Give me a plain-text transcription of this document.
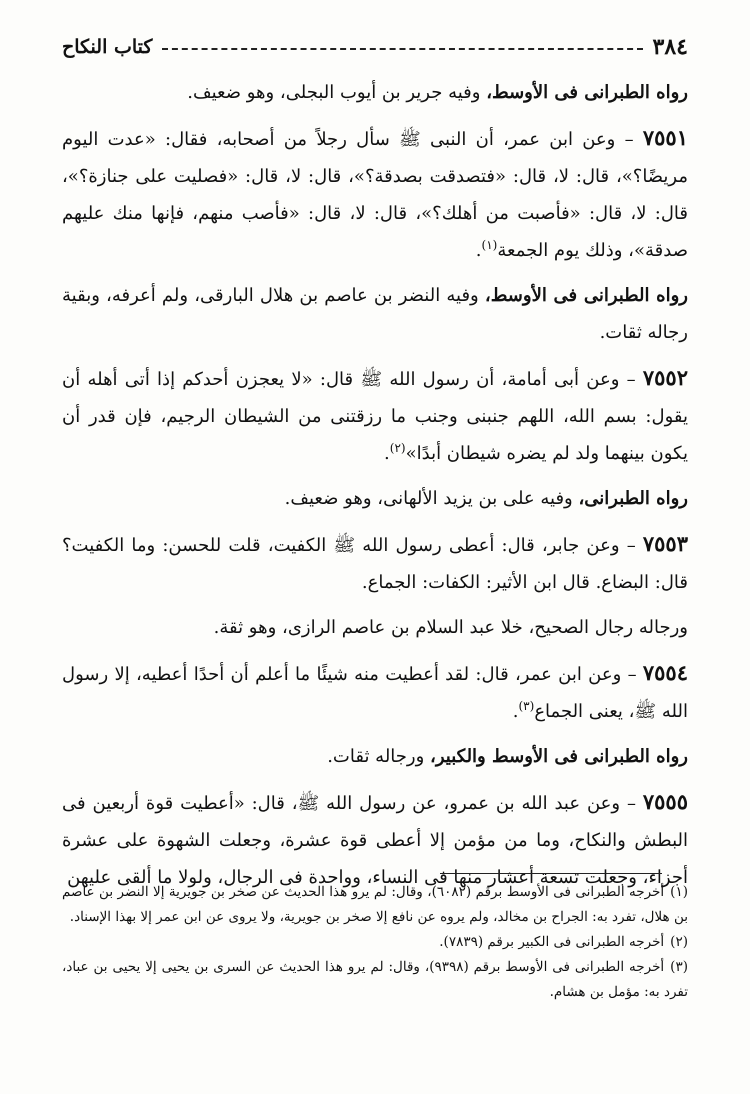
٣٨٤
كتاب النكاح

رواه الطبرانى فى الأوسط، وفيه جرير بن أيوب البجلى، وهو ضعيف.

٧٥٥١ – وعن ابن عمر، أن النبى ﷺ سأل رجلاً من أصحابه، فقال: «عدت اليوم مريضًا؟»، قال: لا، قال: «فتصدقت بصدقة؟»، قال: لا، قال: «فصليت على جنازة؟»، قال: لا، قال: «فأصبت من أهلك؟»، قال: لا، قال: «فأصب منهم، فإنها منك عليهم صدقة»، وذلك يوم الجمعة$^{(١)}$.

رواه الطبرانى فى الأوسط، وفيه النضر بن عاصم بن هلال البارقى، ولم أعرفه، وبقية رجاله ثقات.

٧٥٥٢ – وعن أبى أمامة، أن رسول الله ﷺ قال: «لا يعجزن أحدكم إذا أتى أهله أن يقول: بسم الله، اللهم جنبنى وجنب ما رزقتنى من الشيطان الرجيم، فإن قدر أن يكون بينهما ولد لم يضره شيطان أبدًا»$^{(٢)}$.

رواه الطبرانى، وفيه على بن يزيد الألهانى، وهو ضعيف.

٧٥٥٣ – وعن جابر، قال: أعطى رسول الله ﷺ الكفيت، قلت للحسن: وما الكفيت؟ قال: البضاع. قال ابن الأثير: الكفات: الجماع.

ورجاله رجال الصحيح، خلا عبد السلام بن عاصم الرازى، وهو ثقة.

٧٥٥٤ – وعن ابن عمر، قال: لقد أعطيت منه شيئًا ما أعلم أن أحدًا أعطيه، إلا رسول الله ﷺ، يعنى الجماع$^{(٣)}$.

رواه الطبرانى فى الأوسط والكبير، ورجاله ثقات.

٧٥٥٥ – وعن عبد الله بن عمرو، عن رسول الله ﷺ، قال: «أعطيت قوة أربعين فى البطش والنكاح، وما من مؤمن إلا أعطى قوة عشرة، وجعلت الشهوة على عشرة أجزاء، وجعلت تسعة أعشار منها فى النساء، وواحدة فى الرجال، ولولا ما ألقى عليهن

(١)أخرجه الطبرانى فى الأوسط برقم (٦٠٨٢)، وقال: لم يرو هذا الحديث عن صخر بن جويرية إلا النضر بن عاصم بن هلال، تفرد به: الجراح بن مخالد، ولم يروه عن نافع إلا صخر بن جويرية، ولا يروى عن ابن عمر إلا بهذا الإسناد.

(٢)أخرجه الطبرانى فى الكبير برقم (٧٨٣٩).

(٣)أخرجه الطبرانى فى الأوسط برقم (٩٣٩٨)، وقال: لم يرو هذا الحديث عن السرى بن يحيى إلا يحيى بن عباد، تفرد به: مؤمل بن هشام.
